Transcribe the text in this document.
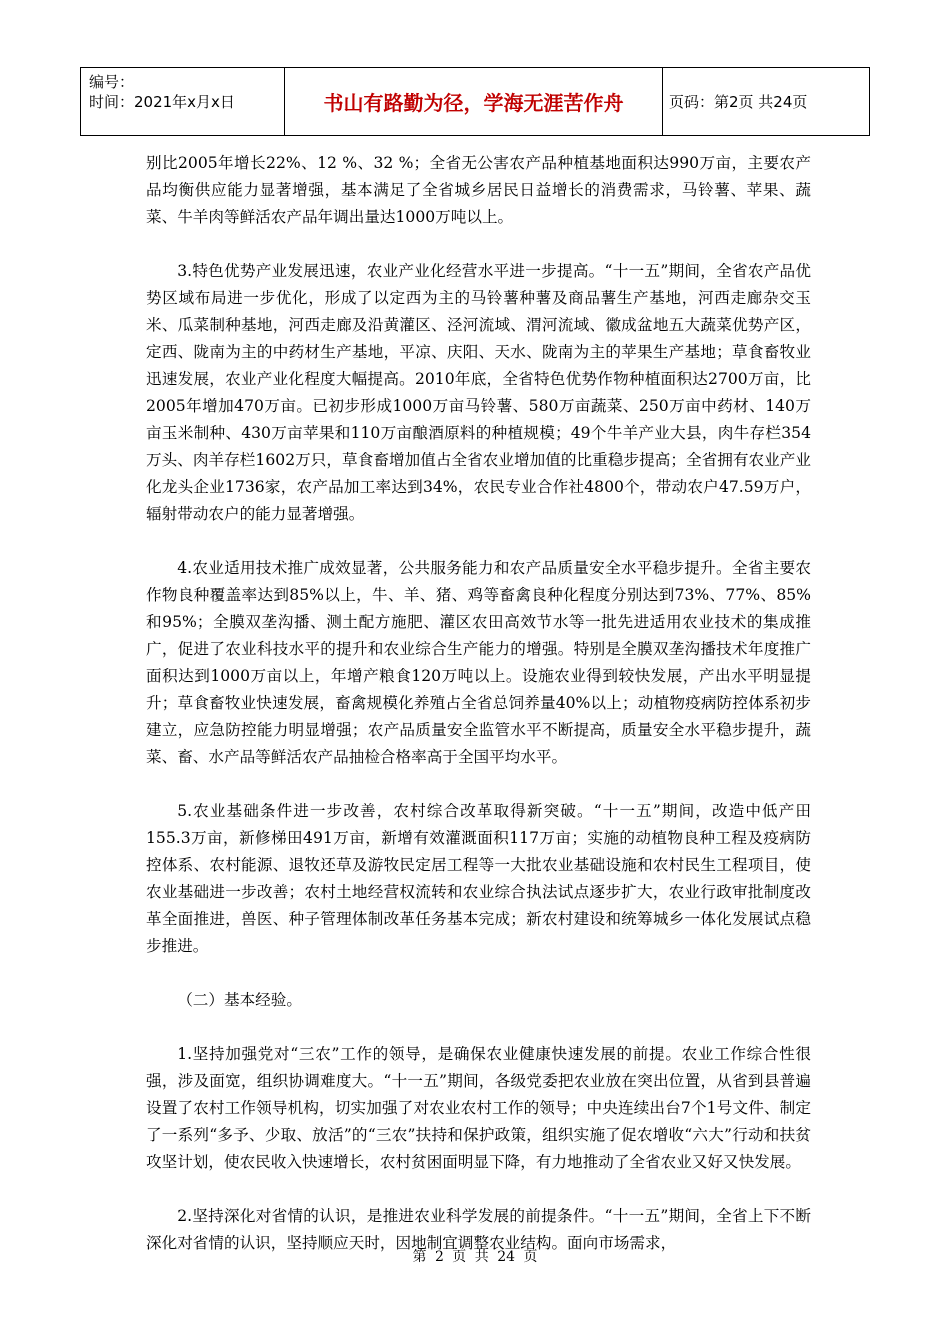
编号：
时间：2021年x月x日	书山有路勤为径，学海无涯苦作舟	页码：第2页 共24页

别比2005年增长22%、12 %、32 %；全省无公害农产品种植基地面积达990万亩，主要农产品均衡供应能力显著增强，基本满足了全省城乡居民日益增长的消费需求，马铃薯、苹果、蔬菜、牛羊肉等鲜活农产品年调出量达1000万吨以上。

3.特色优势产业发展迅速，农业产业化经营水平进一步提高。“十一五”期间，全省农产品优势区域布局进一步优化，形成了以定西为主的马铃薯种薯及商品薯生产基地，河西走廊杂交玉米、瓜菜制种基地，河西走廊及沿黄灌区、泾河流域、渭河流域、徽成盆地五大蔬菜优势产区，定西、陇南为主的中药材生产基地，平凉、庆阳、天水、陇南为主的苹果生产基地；草食畜牧业迅速发展，农业产业化程度大幅提高。2010年底，全省特色优势作物种植面积达2700万亩，比2005年增加470万亩。已初步形成1000万亩马铃薯、580万亩蔬菜、250万亩中药材、140万亩玉米制种、430万亩苹果和110万亩酿酒原料的种植规模；49个牛羊产业大县，肉牛存栏354万头、肉羊存栏1602万只，草食畜增加值占全省农业增加值的比重稳步提高；全省拥有农业产业化龙头企业1736家，农产品加工率达到34%，农民专业合作社4800个，带动农户47.59万户，辐射带动农户的能力显著增强。

4.农业适用技术推广成效显著，公共服务能力和农产品质量安全水平稳步提升。全省主要农作物良种覆盖率达到85%以上，牛、羊、猪、鸡等畜禽良种化程度分别达到73%、77%、85%和95%；全膜双垄沟播、测土配方施肥、灌区农田高效节水等一批先进适用农业技术的集成推广，促进了农业科技水平的提升和农业综合生产能力的增强。特别是全膜双垄沟播技术年度推广面积达到1000万亩以上，年增产粮食120万吨以上。设施农业得到较快发展，产出水平明显提升；草食畜牧业快速发展，畜禽规模化养殖占全省总饲养量40%以上；动植物疫病防控体系初步建立，应急防控能力明显增强；农产品质量安全监管水平不断提高，质量安全水平稳步提升，蔬菜、畜、水产品等鲜活农产品抽检合格率高于全国平均水平。

5.农业基础条件进一步改善，农村综合改革取得新突破。“十一五”期间，改造中低产田155.3万亩，新修梯田491万亩，新增有效灌溉面积117万亩；实施的动植物良种工程及疫病防控体系、农村能源、退牧还草及游牧民定居工程等一大批农业基础设施和农村民生工程项目，使农业基础进一步改善；农村土地经营权流转和农业综合执法试点逐步扩大，农业行政审批制度改革全面推进，兽医、种子管理体制改革任务基本完成；新农村建设和统筹城乡一体化发展试点稳步推进。

（二）基本经验。

1.坚持加强党对“三农”工作的领导，是确保农业健康快速发展的前提。农业工作综合性很强，涉及面宽，组织协调难度大。“十一五”期间，各级党委把农业放在突出位置，从省到县普遍设置了农村工作领导机构，切实加强了对农业农村工作的领导；中央连续出台7个1号文件、制定了一系列“多予、少取、放活”的“三农”扶持和保护政策，组织实施了促农增收“六大”行动和扶贫攻坚计划，使农民收入快速增长，农村贫困面明显下降，有力地推动了全省农业又好又快发展。

2.坚持深化对省情的认识，是推进农业科学发展的前提条件。“十一五”期间，全省上下不断深化对省情的认识，坚持顺应天时，因地制宜调整农业结构。面向市场需求，

第 2 页 共 24 页
